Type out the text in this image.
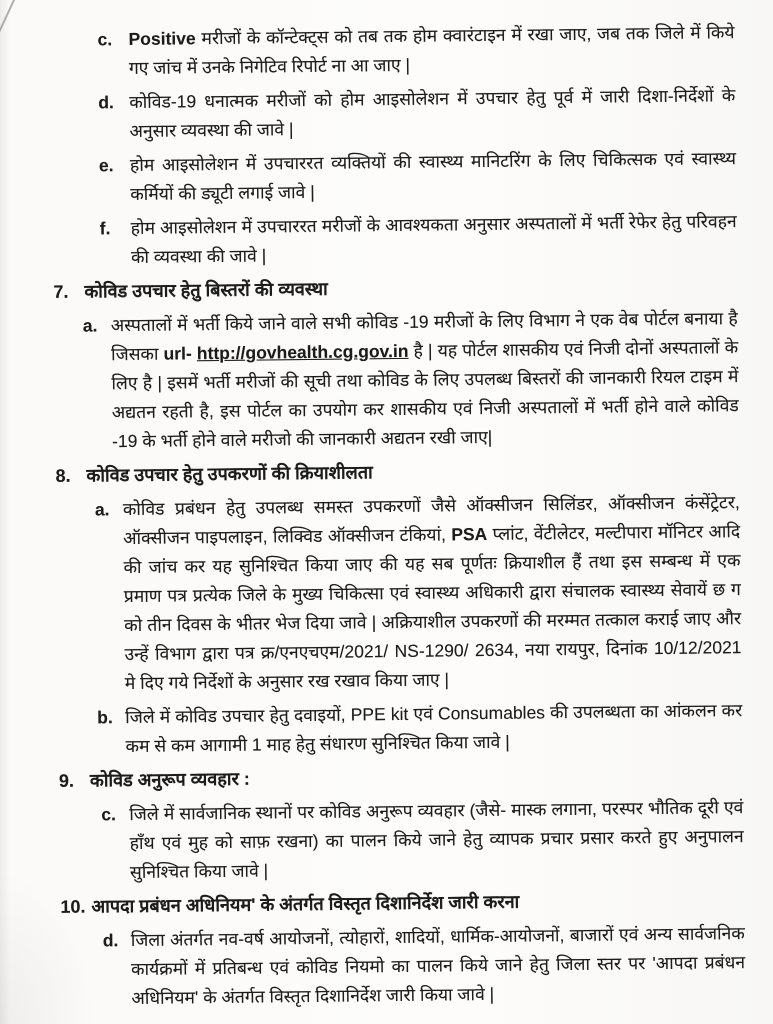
c. Positive मरीजों के कॉन्टेक्ट्स को तब तक होम क्वारंटाइन में रखा जाए, जब तक जिले में किये गए जांच में उनके निगेटिव रिपोर्ट ना आ जाए |
d. कोविड-19 धनात्मक मरीजों को होम आइसोलेशन में उपचार हेतु पूर्व में जारी दिशा-निर्देशों के अनुसार व्यवस्था की जावे |
e. होम आइसोलेशन में उपचाररत व्यक्तियों की स्वास्थ्य मानिटरिंग के लिए चिकित्सक एवं स्वास्थ्य कर्मियों की ड्यूटी लगाई जावे |
f.	होम आइसोलेशन में उपचाररत मरीजों के आवश्यकता अनुसार अस्पतालों में भर्ती रेफेर हेतु परिवहन की व्यवस्था की जावे |
7. कोविड उपचार हेतु बिस्तरों की व्यवस्था
a. अस्पतालों में भर्ती किये जाने वाले सभी कोविड -19 मरीजों के लिए विभाग ने एक वेब पोर्टल बनाया है जिसका url- http://govhealth.cg.gov.in है | यह पोर्टल शासकीय एवं निजी दोनों अस्पतालों के लिए है | इसमें भर्ती मरीजों की सूची तथा कोविड के लिए उपलब्ध बिस्तरों की जानकारी रियल टाइम में अद्यतन रहती है, इस पोर्टल का उपयोग कर शासकीय एवं निजी अस्पतालों में भर्ती होने वाले कोविड -19 के भर्ती होने वाले मरीजो की जानकारी अद्यतन रखी जाए|
8. कोविड उपचार हेतु उपकरणों की क्रियाशीलता
a. कोविड प्रबंधन हेतु उपलब्ध समस्त उपकरणों जैसे ऑक्सीजन सिलिंडर, ऑक्सीजन कंसेंट्रेटर, ऑक्सीजन पाइपलाइन, लिक्विड ऑक्सीजन टंकियां, PSA प्लांट, वेंटीलेटर, मल्टीपारा मॉनिटर आदि की जांच कर यह सुनिश्चित किया जाए की यह सब पूर्णतः क्रियाशील हैं तथा इस सम्बन्ध में एक प्रमाण पत्र प्रत्येक जिले के मुख्य चिकित्सा एवं स्वास्थ्य अधिकारी द्वारा संचालक स्वास्थ्य सेवायें छ ग को तीन दिवस के भीतर भेज दिया जावे | अक्रियाशील उपकरणों की मरम्मत तत्काल कराई जाए और उन्हें विभाग द्वारा पत्र क्र/एनएचएम/2021/ NS-1290/ 2634, नया रायपुर, दिनांक 10/12/2021 मे दिए गये निर्देशों के अनुसार रख रखाव किया जाए |
b. जिले में कोविड उपचार हेतु दवाइयों, PPE kit एवं Consumables की उपलब्धता का आंकलन कर कम से कम आगामी 1 माह हेतु संधारण सुनिश्चित किया जावे |
9. कोविड अनुरूप व्यवहार :
c. जिले में सार्वजानिक स्थानों पर कोविड अनुरूप व्यवहार (जैसे- मास्क लगाना, परस्पर भौतिक दूरी एवं हाँथ एवं मुह को साफ़ रखना) का पालन किये जाने हेतु व्यापक प्रचार प्रसार करते हुए अनुपालन सुनिश्चित किया जावे |
10. आपदा प्रबंधन अधिनियम' के अंतर्गत विस्तृत दिशानिर्देश जारी करना
d. जिला अंतर्गत नव-वर्ष आयोजनों, त्योहारों, शादियों, धार्मिक-आयोजनों, बाजारों एवं अन्य सार्वजनिक कार्यक्रमों में प्रतिबन्ध एवं कोविड नियमो का पालन किये जाने हेतु जिला स्तर पर 'आपदा प्रबंधन अधिनियम' के अंतर्गत विस्तृत दिशानिर्देश जारी किया जावे |
